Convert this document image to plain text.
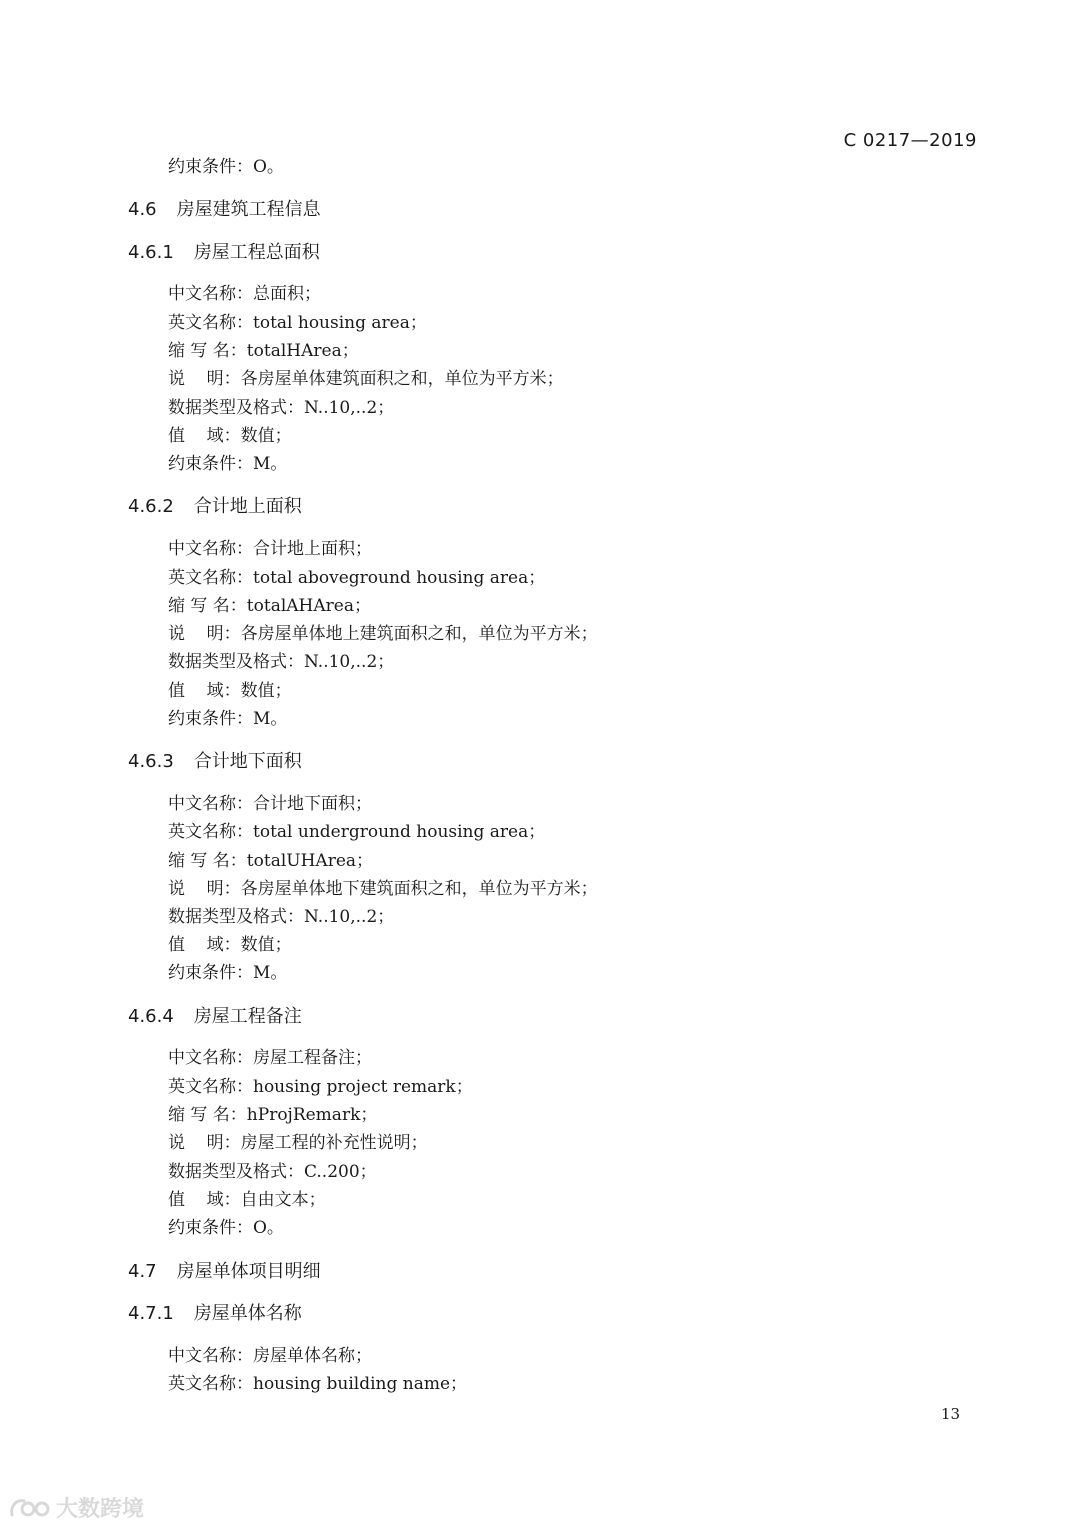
C 0217—2019
约束条件：O。
4.6 房屋建筑工程信息
4.6.1 房屋工程总面积
中文名称：总面积；
英文名称：total housing area；
缩 写 名：totalHArea；
说    明：各房屋单体建筑面积之和，单位为平方米；
数据类型及格式：N..10,..2；
值    域：数值；
约束条件：M。
4.6.2 合计地上面积
中文名称：合计地上面积；
英文名称：total aboveground housing area；
缩 写 名：totalAHArea；
说    明：各房屋单体地上建筑面积之和，单位为平方米；
数据类型及格式：N..10,..2；
值    域：数值；
约束条件：M。
4.6.3 合计地下面积
中文名称：合计地下面积；
英文名称：total underground housing area；
缩 写 名：totalUHArea；
说    明：各房屋单体地下建筑面积之和，单位为平方米；
数据类型及格式：N..10,..2；
值    域：数值；
约束条件：M。
4.6.4 房屋工程备注
中文名称：房屋工程备注；
英文名称：housing project remark；
缩 写 名：hProjRemark；
说    明：房屋工程的补充性说明；
数据类型及格式：C..200；
值    域：自由文本；
约束条件：O。
4.7 房屋单体项目明细
4.7.1 房屋单体名称
中文名称：房屋单体名称；
英文名称：housing building name；
13
大数跨境
